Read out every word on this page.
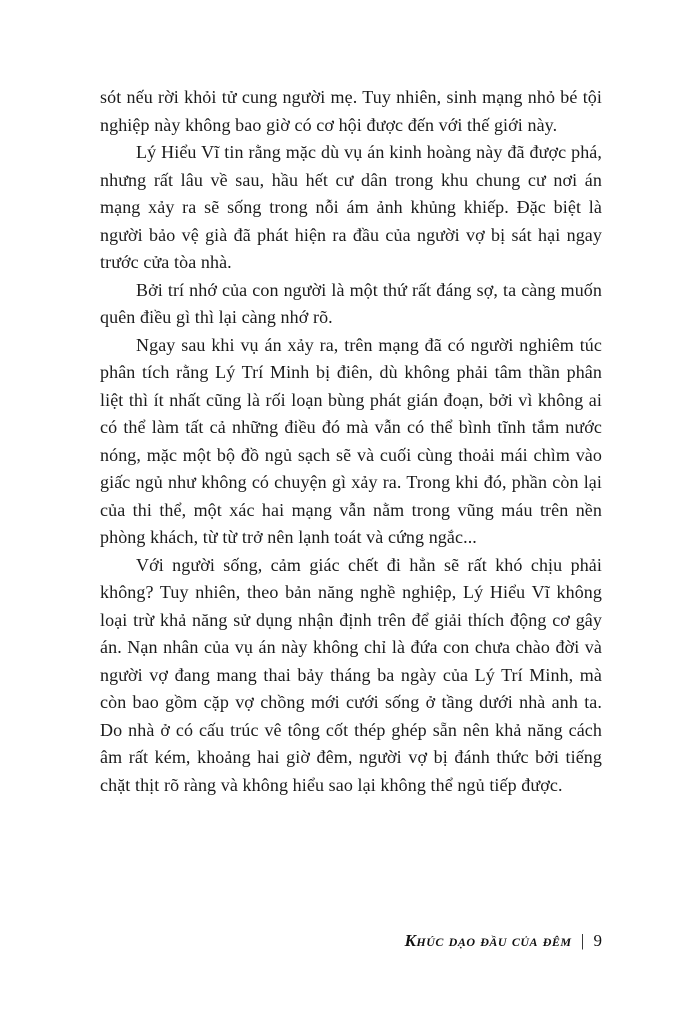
sót nếu rời khỏi tử cung người mẹ. Tuy nhiên, sinh mạng nhỏ bé tội nghiệp này không bao giờ có cơ hội được đến với thế giới này.

Lý Hiểu Vĩ tin rằng mặc dù vụ án kinh hoàng này đã được phá, nhưng rất lâu về sau, hầu hết cư dân trong khu chung cư nơi án mạng xảy ra sẽ sống trong nỗi ám ảnh khủng khiếp. Đặc biệt là người bảo vệ già đã phát hiện ra đầu của người vợ bị sát hại ngay trước cửa tòa nhà.

Bởi trí nhớ của con người là một thứ rất đáng sợ, ta càng muốn quên điều gì thì lại càng nhớ rõ.

Ngay sau khi vụ án xảy ra, trên mạng đã có người nghiêm túc phân tích rằng Lý Trí Minh bị điên, dù không phải tâm thần phân liệt thì ít nhất cũng là rối loạn bùng phát gián đoạn, bởi vì không ai có thể làm tất cả những điều đó mà vẫn có thể bình tĩnh tắm nước nóng, mặc một bộ đồ ngủ sạch sẽ và cuối cùng thoải mái chìm vào giấc ngủ như không có chuyện gì xảy ra. Trong khi đó, phần còn lại của thi thể, một xác hai mạng vẫn nằm trong vũng máu trên nền phòng khách, từ từ trở nên lạnh toát và cứng ngắc...

Với người sống, cảm giác chết đi hẳn sẽ rất khó chịu phải không? Tuy nhiên, theo bản năng nghề nghiệp, Lý Hiểu Vĩ không loại trừ khả năng sử dụng nhận định trên để giải thích động cơ gây án. Nạn nhân của vụ án này không chỉ là đứa con chưa chào đời và người vợ đang mang thai bảy tháng ba ngày của Lý Trí Minh, mà còn bao gồm cặp vợ chồng mới cưới sống ở tầng dưới nhà anh ta. Do nhà ở có cấu trúc vê tông cốt thép ghép sẵn nên khả năng cách âm rất kém, khoảng hai giờ đêm, người vợ bị đánh thức bởi tiếng chặt thịt rõ ràng và không hiểu sao lại không thể ngủ tiếp được.

Khúc dạo đầu của đêm | 9
